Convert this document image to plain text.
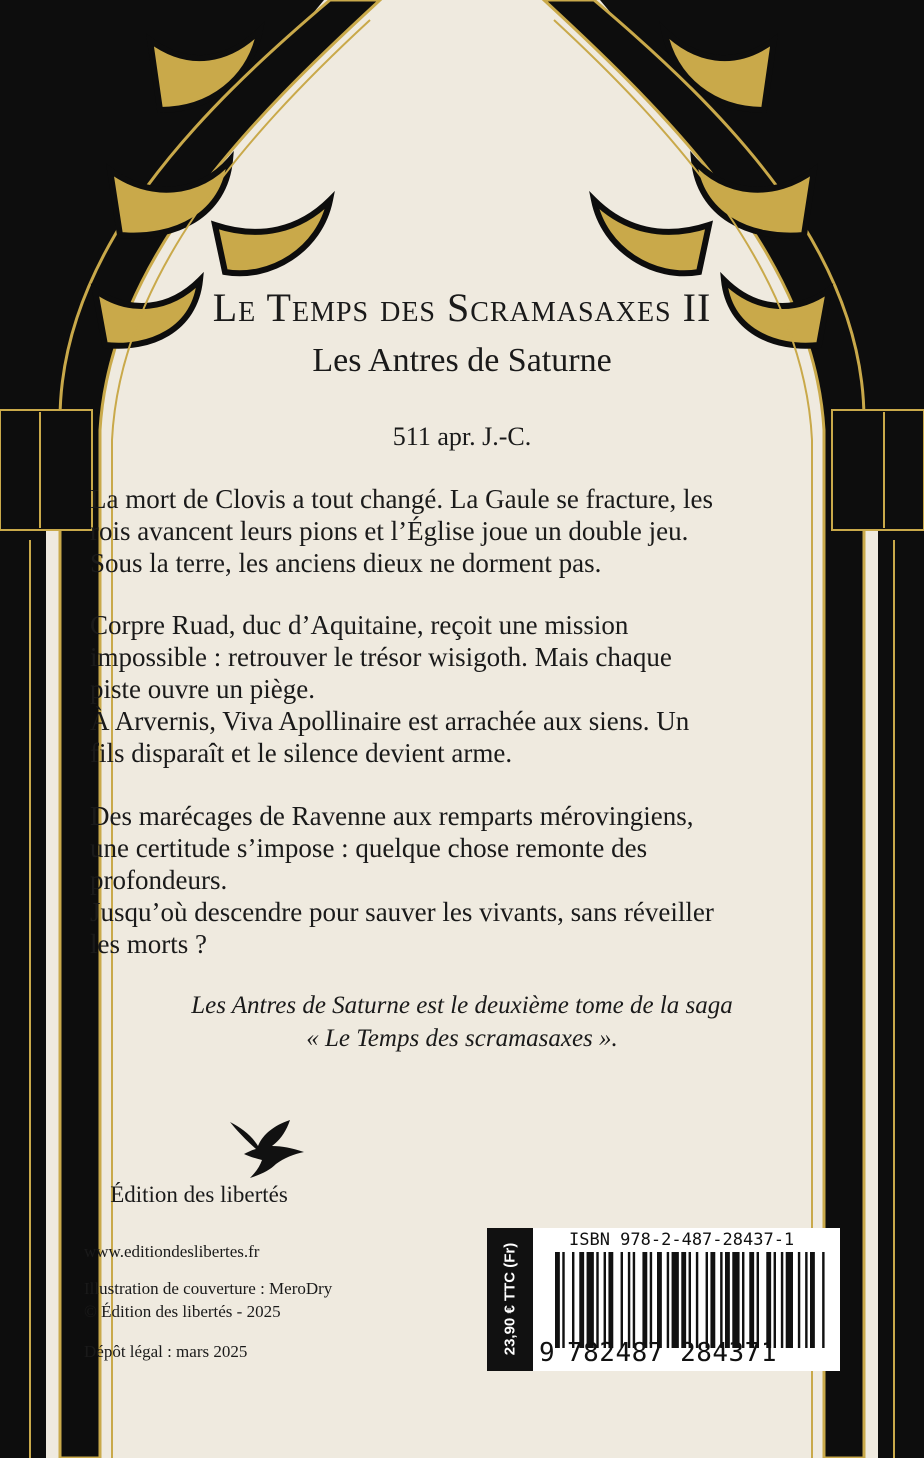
Le Temps des Scramasaxes II
Les Antres de Saturne
511 apr. J.-C.

La mort de Clovis a tout changé. La Gaule se fracture, les
rois avancent leurs pions et l’Église joue un double jeu.
Sous la terre, les anciens dieux ne dorment pas.

Corpre Ruad, duc d’Aquitaine, reçoit une mission
impossible : retrouver le trésor wisigoth. Mais chaque
piste ouvre un piège.
À Arvernis, Viva Apollinaire est arrachée aux siens. Un
fils disparaît et le silence devient arme.

Des marécages de Ravenne aux remparts mérovingiens,
une certitude s’impose : quelque chose remonte des
profondeurs.
Jusqu’où descendre pour sauver les vivants, sans réveiller
les morts ?

Les Antres de Saturne est le deuxième tome de la saga
« Le Temps des scramasaxes ».
Édition des libertés
www.editiondeslibertes.fr
Illustration de couverture : MeroDry
© Édition des libertés - 2025
Dépôt légal : mars 2025	23,90 € TTC (Fr)
ISBN 978-2-487-28437-1
9 782487 284371
